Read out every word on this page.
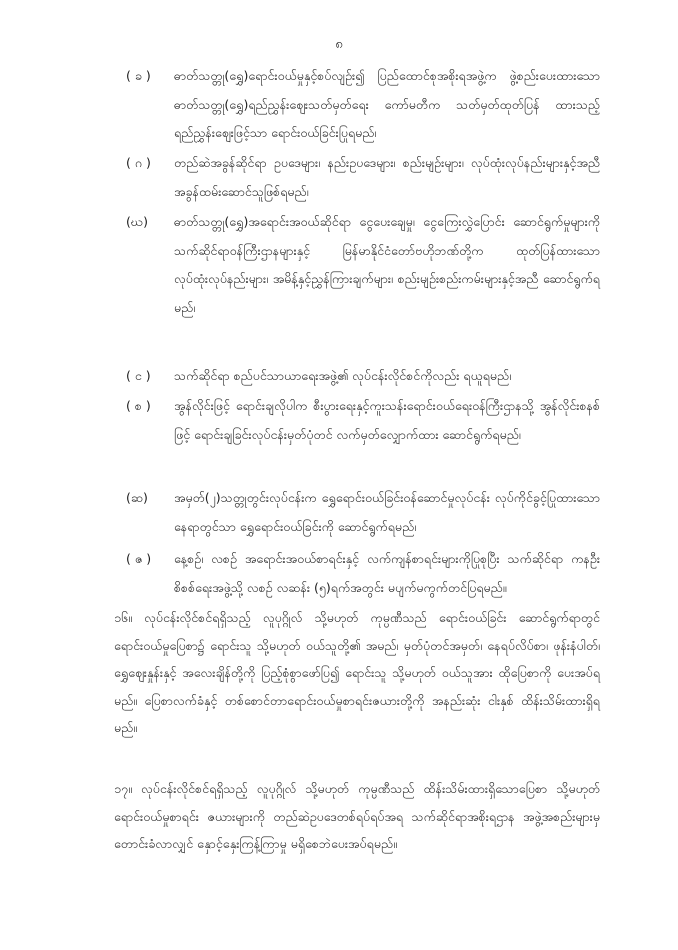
၈
( ခ )	ဓာတ်သတ္တု(ရွှေ)ရောင်းဝယ်မှုနှင့်စပ်လျဉ်း၍ ပြည်ထောင်စုအစိုးရအဖွဲ့က ဖွဲ့စည်းပေးထားသော ဓာတ်သတ္တု(ရွှေ)ရည်ညွှန်းဈေးသတ်မှတ်ရေး ကော်မတီက သတ်မှတ်ထုတ်ပြန် ထားသည့် ရည်ညွှန်းဈေးဖြင့်သာ ရောင်းဝယ်ခြင်းပြုရမည်၊
( ဂ )	တည်ဆဲအခွန်ဆိုင်ရာ ဥပဒေများ၊ နည်းဥပဒေများ၊ စည်းမျဉ်းများ၊ လုပ်ထုံးလုပ်နည်းများနှင့်အညီ အခွန်ထမ်းဆောင်သူဖြစ်ရမည်၊
(ဃ)	ဓာတ်သတ္တု(ရွှေ)အရောင်းအဝယ်ဆိုင်ရာ ငွေပေးချေမှု၊ ငွေကြေးလွှဲပြောင်း ဆောင်ရွက်မှုများကို သက်ဆိုင်ရာဝန်ကြီးဌာနများနှင့် မြန်မာနိုင်ငံတော်ဗဟိုဘဏ်တို့က ထုတ်ပြန်ထားသော လုပ်ထုံးလုပ်နည်းများ၊ အမိန့်နှင့်ညွှန်ကြားချက်များ၊ စည်းမျဉ်းစည်းကမ်းများနှင့်အညီ ဆောင်ရွက်ရမည်၊
( င )	သက်ဆိုင်ရာ စည်ပင်သာယာရေးအဖွဲ့၏ လုပ်ငန်းလိုင်စင်ကိုလည်း ရယူရမည်၊
( စ )	အွန်လိုင်းဖြင့် ရောင်းချလိုပါက စီးပွားရေးနှင့်ကူးသန်းရောင်းဝယ်ရေးဝန်ကြီးဌာနသို့ အွန်လိုင်းစနစ်ဖြင့် ရောင်းချခြင်းလုပ်ငန်းမှတ်ပုံတင် လက်မှတ်လျှောက်ထား ဆောင်ရွက်ရမည်၊
(ဆ)	အမှတ်(၂)သတ္တုတွင်းလုပ်ငန်းက ရွှေရောင်းဝယ်ခြင်းဝန်ဆောင်မှုလုပ်ငန်း လုပ်ကိုင်ခွင့်ပြုထားသောနေရာတွင်သာ ရွှေရောင်းဝယ်ခြင်းကို ဆောင်ရွက်ရမည်၊
( ဇ )	နေ့စဉ်၊ လစဉ် အရောင်းအဝယ်စာရင်းနှင့် လက်ကျန်စာရင်းများကိုပြုစုပြီး သက်ဆိုင်ရာ ကနဦးစိစစ်ရေးအဖွဲ့သို့ လစဉ် လဆန်း (၅)ရက်အတွင်း မပျက်မကွက်တင်ပြရမည်။
၁၆။ လုပ်ငန်းလိုင်စင်ရရှိသည့် လူပုဂ္ဂိုလ် သို့မဟုတ် ကုမ္ပဏီသည် ရောင်းဝယ်ခြင်း ဆောင်ရွက်ရာတွင် ရောင်းဝယ်မှုပြေစာ၌ ရောင်းသူ သို့မဟုတ် ဝယ်သူတို့၏ အမည်၊ မှတ်ပုံတင်အမှတ်၊ နေရပ်လိပ်စာ၊ ဖုန်းနံပါတ်၊ ရွှေဈေးနှုန်းနှင့် အလေးချိန်တို့ကို ပြည့်စုံစွာဖော်ပြ၍ ရောင်းသူ သို့မဟုတ် ဝယ်သူအား ထိုပြေစာကို ပေးအပ်ရမည်။ ပြေစာလက်ခံနှင့် တစ်စောင်တာရောင်းဝယ်မှုစာရင်းဇယားတို့ကို အနည်းဆုံး ငါးနှစ် ထိန်းသိမ်းထားရှိရမည်။
၁၇။ လုပ်ငန်းလိုင်စင်ရရှိသည့် လူပုဂ္ဂိုလ် သို့မဟုတ် ကုမ္ပဏီသည် ထိန်းသိမ်းထားရှိသောပြေစာ သို့မဟုတ် ရောင်းဝယ်မှုစာရင်း ဇယားများကို တည်ဆဲဥပဒေတစ်ရပ်ရပ်အရ သက်ဆိုင်ရာအစိုးရဌာန အဖွဲ့အစည်းများမှ တောင်းခံလာလျှင် နှောင့်နှေးကြန့်ကြာမှု မရှိစေဘဲပေးအပ်ရမည်။
